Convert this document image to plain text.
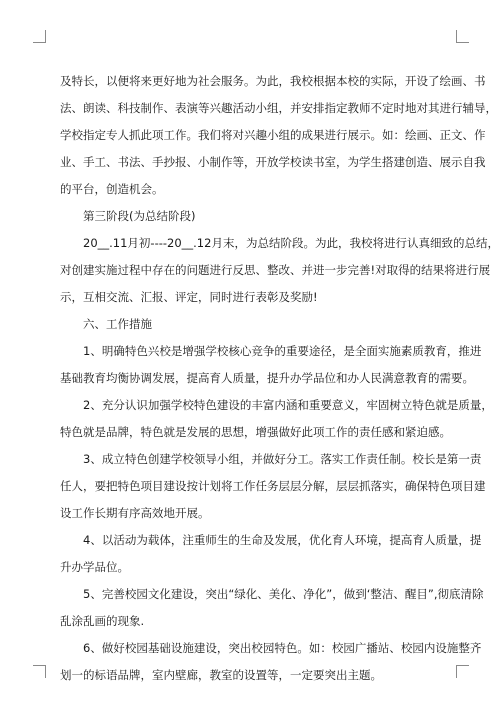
及特长，以便将来更好地为社会服务。为此，我校根据本校的实际，开设了绘画、书
法、朗读、科技制作、表演等兴趣活动小组，并安排指定教师不定时地对其进行辅导，
学校指定专人抓此项工作。我们将对兴趣小组的成果进行展示。如：绘画、正文、作
业、手工、书法、手抄报、小制作等，开放学校读书室，为学生搭建创造、展示自我
的平台，创造机会。

第三阶段(为总结阶段)

20__.11月初----20__.12月末，为总结阶段。为此，我校将进行认真细致的总结，
对创建实施过程中存在的问题进行反思、整改、并进一步完善!对取得的结果将进行展
示，互相交流、汇报、评定，同时进行表彰及奖励!

六、工作措施

1、明确特色兴校是增强学校核心竞争的重要途径，是全面实施素质教育，推进
基础教育均衡协调发展，提高育人质量，提升办学品位和办人民满意教育的需要。

2、充分认识加强学校特色建设的丰富内涵和重要意义，牢固树立特色就是质量，
特色就是品牌，特色就是发展的思想，增强做好此项工作的责任感和紧迫感。

3、成立特色创建学校领导小组，并做好分工。落实工作责任制。校长是第一责
任人，要把特色项目建设按计划将工作任务层层分解，层层抓落实，确保特色项目建
设工作长期有序高效地开展。

4、以活动为载体，注重师生的生命及发展，优化育人环境，提高育人质量，提
升办学品位。

5、完善校园文化建设，突出“绿化、美化、净化”，做到‘整洁、醒目”,彻底清除
乱涂乱画的现象.

6、做好校园基础设施建设，突出校园特色。如：校园广播站、校园内设施整齐
划一的标语品牌，室内壁廊，教室的设置等，一定要突出主题。
